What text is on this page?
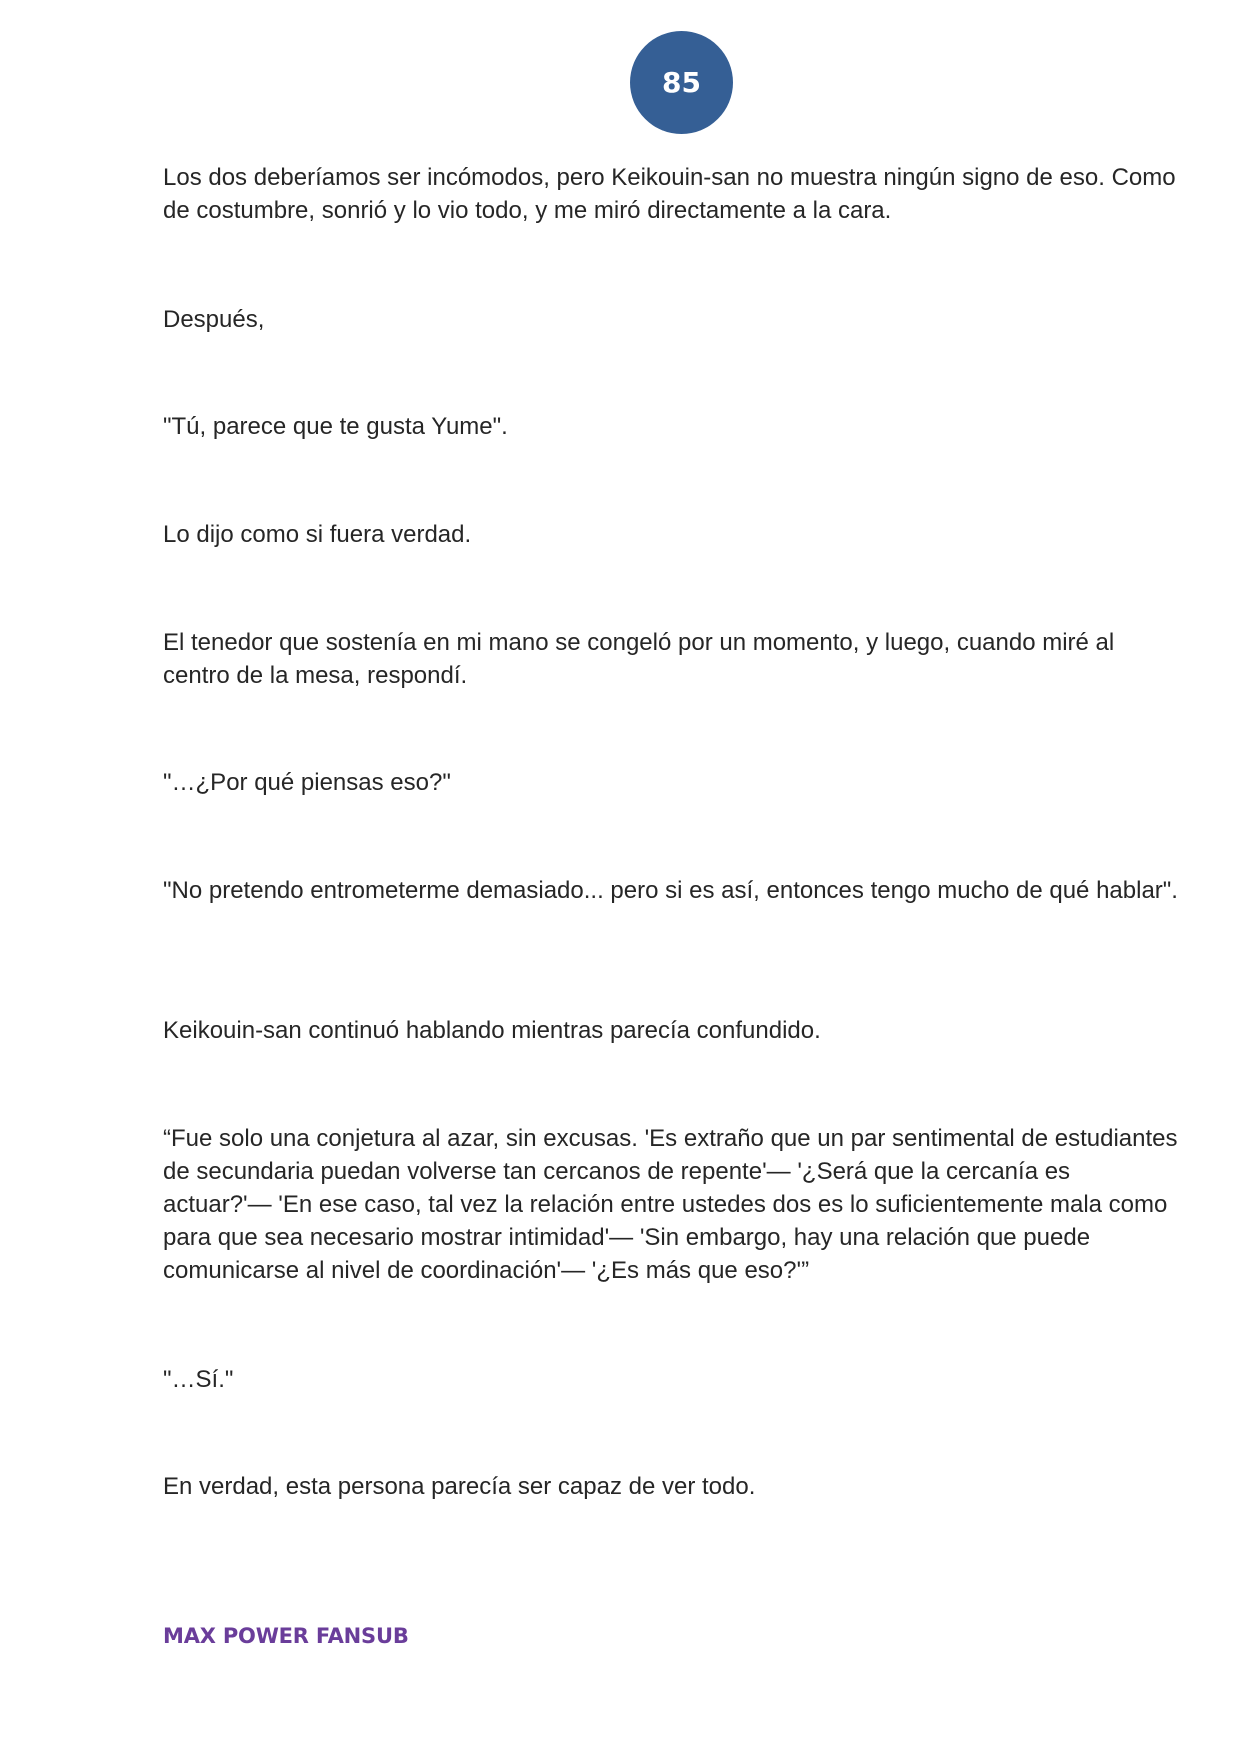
85

Los dos deberíamos ser incómodos, pero Keikouin-san no muestra ningún signo de eso. Como de costumbre, sonrió y lo vio todo, y me miró directamente a la cara.

Después,

"Tú, parece que te gusta Yume".

Lo dijo como si fuera verdad.

El tenedor que sostenía en mi mano se congeló por un momento, y luego, cuando miré al centro de la mesa, respondí.

"…¿Por qué piensas eso?"

"No pretendo entrometerme demasiado... pero si es así, entonces tengo mucho de qué hablar".

Keikouin-san continuó hablando mientras parecía confundido.

“Fue solo una conjetura al azar, sin excusas. 'Es extraño que un par sentimental de estudiantes de secundaria puedan volverse tan cercanos de repente'— '¿Será que la cercanía es actuar?'— 'En ese caso, tal vez la relación entre ustedes dos es lo suficientemente mala como para que sea necesario mostrar intimidad'— 'Sin embargo, hay una relación que puede comunicarse al nivel de coordinación'— '¿Es más que eso?'”

"…Sí."

En verdad, esta persona parecía ser capaz de ver todo.

MAX POWER FANSUB
